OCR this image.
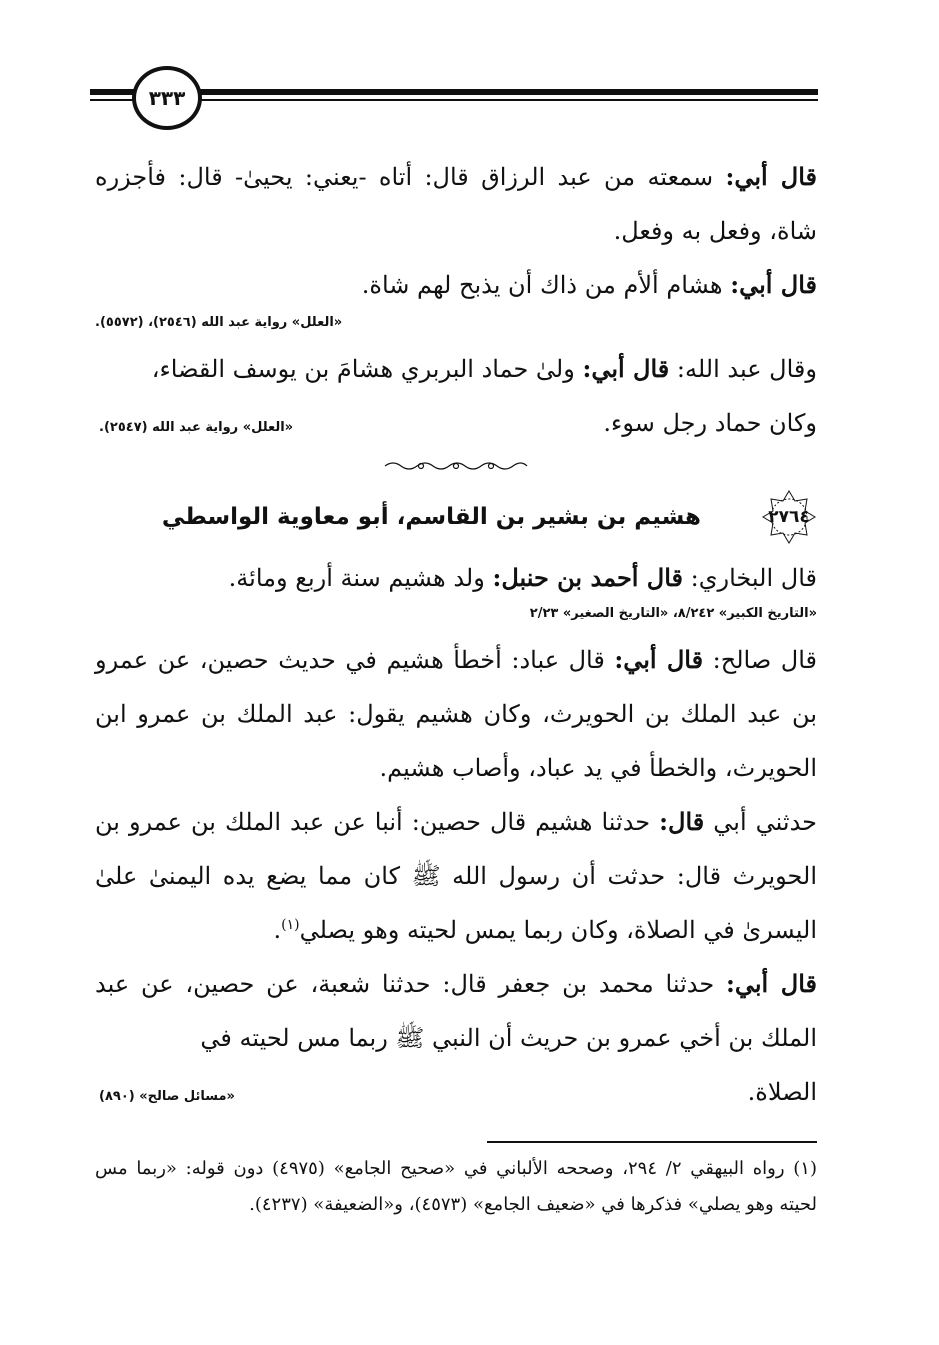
٣٣٣

قال أبي: سمعته من عبد الرزاق قال: أتاه -يعني: يحيىٰ- قال: فأجزره شاة، وفعل به وفعل.

قال أبي: هشام ألأم من ذاك أن يذبح لهم شاة.

«العلل» رواية عبد الله (٢٥٤٦)، (٥٥٧٢).

وقال عبد الله: قال أبي: ولىٰ حماد البربري هشامَ بن يوسف القضاء،

وكان حماد رجل سوء.
«العلل» رواية عبد الله (٢٥٤٧).
٢٧٦٤
هشيم بن بشير بن القاسم، أبو معاوية الواسطي

قال البخاري: قال أحمد بن حنبل: ولد هشيم سنة أربع ومائة.

«التاريخ الكبير» ٨/٢٤٢، «التاريخ الصغير» ٢/٢٣

قال صالح: قال أبي: قال عباد: أخطأ هشيم في حديث حصين، عن عمرو بن عبد الملك بن الحويرث، وكان هشيم يقول: عبد الملك بن عمرو ابن الحويرث، والخطأ في يد عباد، وأصاب هشيم.

حدثني أبي قال: حدثنا هشيم قال حصين: أنبا عن عبد الملك بن عمرو بن الحويرث قال: حدثت أن رسول الله ﷺ كان مما يضع يده اليمنىٰ علىٰ اليسرىٰ في الصلاة، وكان ربما يمس لحيته وهو يصلي$^{(١)}$.

قال أبي: حدثنا محمد بن جعفر قال: حدثنا شعبة، عن حصين، عن عبد الملك بن أخي عمرو بن حريث أن النبي ﷺ ربما مس لحيته في

الصلاة.
«مسائل صالح» (٨٩٠)

(١) رواه البيهقي ٢/ ٢٩٤، وصححه الألباني في «صحيح الجامع» (٤٩٧٥) دون قوله: «ربما مس لحيته وهو يصلي» فذكرها في «ضعيف الجامع» (٤٥٧٣)، و«الضعيفة» (٤٢٣٧).
